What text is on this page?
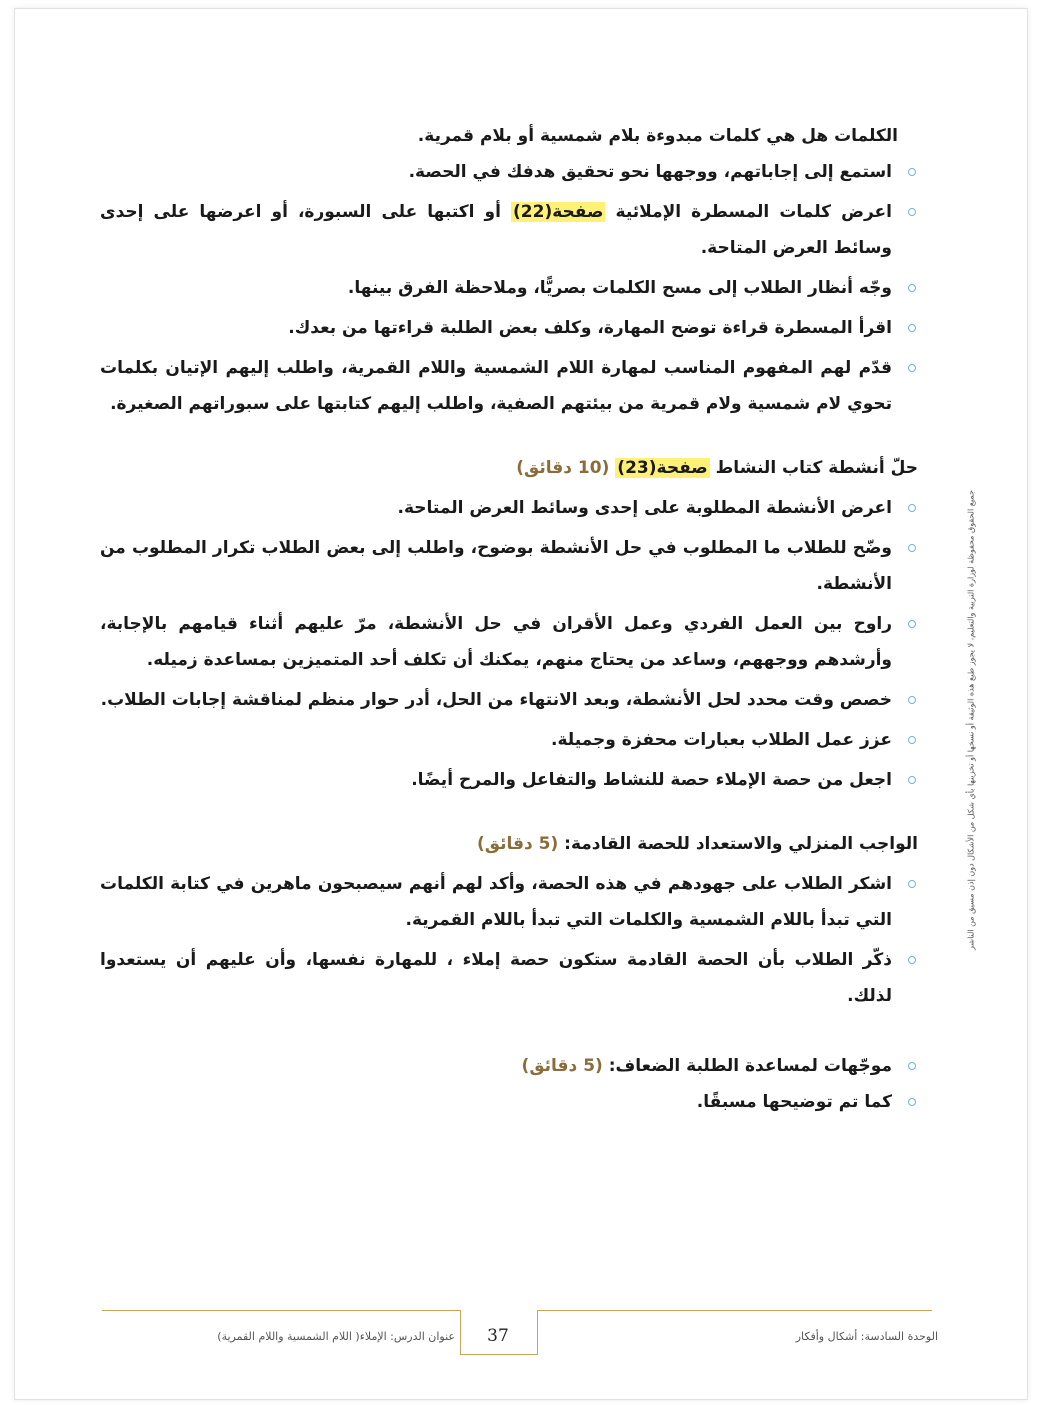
الكلمات هل هي كلمات مبدوءة بلام شمسية أو بلام قمرية.

استمع إلى إجاباتهم، ووجهها نحو تحقيق هدفك في الحصة.
اعرض كلمات المسطرة الإملائية صفحة(22) أو اكتبها على السبورة، أو اعرضها على إحدى وسائط العرض المتاحة.
وجّه أنظار الطلاب إلى مسح الكلمات بصريًّا، وملاحظة الفرق بينها.
اقرأ المسطرة قراءة توضح المهارة، وكلف بعض الطلبة قراءتها من بعدك.
قدّم لهم المفهوم المناسب لمهارة اللام الشمسية واللام القمرية، واطلب إليهم الإتيان بكلمات تحوي لام شمسية ولام قمرية من بيئتهم الصفية، واطلب إليهم كتابتها على سبوراتهم الصغيرة.
حلّ أنشطة كتاب النشاط صفحة(23) (10 دقائق)
اعرض الأنشطة المطلوبة على إحدى وسائط العرض المتاحة.
وضّح للطلاب ما المطلوب في حل الأنشطة بوضوح، واطلب إلى بعض الطلاب تكرار المطلوب من الأنشطة.
راوح بين العمل الفردي وعمل الأقران في حل الأنشطة، مرّ عليهم أثناء قيامهم بالإجابة، وأرشدهم ووجههم، وساعد من يحتاج منهم، يمكنك أن تكلف أحد المتميزين بمساعدة زميله.
خصص وقت محدد لحل الأنشطة، وبعد الانتهاء من الحل، أدر حوار منظم لمناقشة إجابات الطلاب.
عزز عمل الطلاب بعبارات محفزة وجميلة.
اجعل من حصة الإملاء حصة للنشاط والتفاعل والمرح أيضًا.
الواجب المنزلي والاستعداد للحصة القادمة: (5 دقائق)
اشكر الطلاب على جهودهم في هذه الحصة، وأكد لهم أنهم سيصبحون ماهرين في كتابة الكلمات التي تبدأ باللام الشمسية والكلمات التي تبدأ باللام القمرية.
ذكّر الطلاب بأن الحصة القادمة ستكون حصة إملاء ، للمهارة نفسها، وأن عليهم أن يستعدوا لذلك.
موجّهات لمساعدة الطلبة الضعاف: (5 دقائق)
كما تم توضيحها مسبقًا.
جميع الحقوق محفوظة لوزارة التربية والتعليم، لا يجوز طبع هذه الوثيقة أو نسخها أو تخزينها بأي شكل من الأشكال دون إذن مسبق من الناشر
37
عنوان الدرس: الإملاء( اللام الشمسية واللام القمرية)	الوحدة السادسة: أشكال وأفكار
